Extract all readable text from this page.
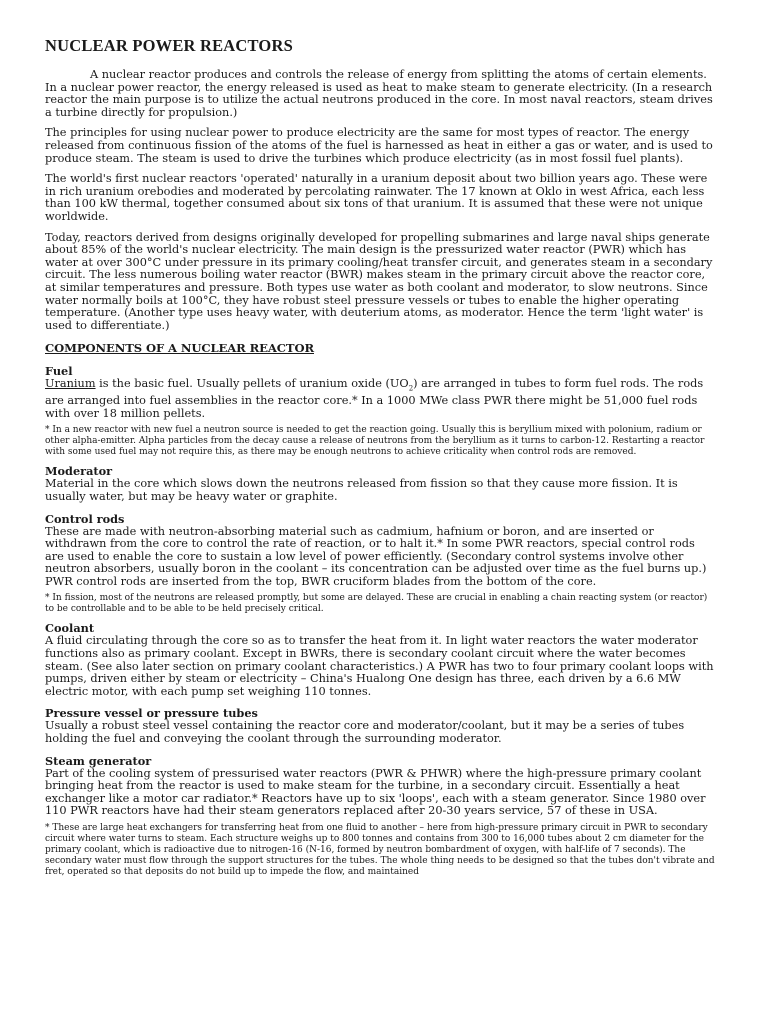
NUCLEAR POWER REACTORS

A nuclear reactor produces and controls the release of energy from splitting the atoms of certain elements. In a nuclear power reactor, the energy released is used as heat to make steam to generate electricity. (In a research reactor the main purpose is to utilize the actual neutrons produced in the core. In most naval reactors, steam drives a turbine directly for propulsion.)

The principles for using nuclear power to produce electricity are the same for most types of reactor. The energy released from continuous fission of the atoms of the fuel is harnessed as heat in either a gas or water, and is used to produce steam. The steam is used to drive the turbines which produce electricity (as in most fossil fuel plants).

The world's first nuclear reactors 'operated' naturally in a uranium deposit about two billion years ago. These were in rich uranium orebodies and moderated by percolating rainwater. The 17 known at Oklo in west Africa, each less than 100 kW thermal, together consumed about six tons of that uranium. It is assumed that these were not unique worldwide.

Today, reactors derived from designs originally developed for propelling submarines and large naval ships generate about 85% of the world's nuclear electricity. The main design is the pressurized water reactor (PWR) which has water at over 300°C under pressure in its primary cooling/heat transfer circuit, and generates steam in a secondary circuit. The less numerous boiling water reactor (BWR) makes steam in the primary circuit above the reactor core, at similar temperatures and pressure. Both types use water as both coolant and moderator, to slow neutrons. Since water normally boils at 100°C, they have robust steel pressure vessels or tubes to enable the higher operating temperature. (Another type uses heavy water, with deuterium atoms, as moderator. Hence the term 'light water' is used to differentiate.)

COMPONENTS OF A NUCLEAR REACTOR
Fuel

Uranium is the basic fuel. Usually pellets of uranium oxide $(UO_2)$ are arranged in tubes to form fuel rods. The rods are arranged into fuel assemblies in the reactor core.* In a 1000 MWe class PWR there might be 51,000 fuel rods with over 18 million pellets.

* In a new reactor with new fuel a neutron source is needed to get the reaction going. Usually this is beryllium mixed with polonium, radium or other alpha-emitter. Alpha particles from the decay cause a release of neutrons from the beryllium as it turns to carbon-12. Restarting a reactor with some used fuel may not require this, as there may be enough neutrons to achieve criticality when control rods are removed.

Moderator

Material in the core which slows down the neutrons released from fission so that they cause more fission. It is usually water, but may be heavy water or graphite.

Control rods

These are made with neutron-absorbing material such as cadmium, hafnium or boron, and are inserted or withdrawn from the core to control the rate of reaction, or to halt it.* In some PWR reactors, special control rods are used to enable the core to sustain a low level of power efficiently. (Secondary control systems involve other neutron absorbers, usually boron in the coolant – its concentration can be adjusted over time as the fuel burns up.) PWR control rods are inserted from the top, BWR cruciform blades from the bottom of the core.

* In fission, most of the neutrons are released promptly, but some are delayed. These are crucial in enabling a chain reacting system (or reactor) to be controllable and to be able to be held precisely critical.

Coolant

A fluid circulating through the core so as to transfer the heat from it. In light water reactors the water moderator functions also as primary coolant. Except in BWRs, there is secondary coolant circuit where the water becomes steam. (See also later section on primary coolant characteristics.) A PWR has two to four primary coolant loops with pumps, driven either by steam or electricity – China's Hualong One design has three, each driven by a 6.6 MW electric motor, with each pump set weighing 110 tonnes.

Pressure vessel or pressure tubes

Usually a robust steel vessel containing the reactor core and moderator/coolant, but it may be a series of tubes holding the fuel and conveying the coolant through the surrounding moderator.

Steam generator

Part of the cooling system of pressurised water reactors (PWR & PHWR) where the high-pressure primary coolant bringing heat from the reactor is used to make steam for the turbine, in a secondary circuit. Essentially a heat exchanger like a motor car radiator.* Reactors have up to six 'loops', each with a steam generator. Since 1980 over 110 PWR reactors have had their steam generators replaced after 20-30 years service, 57 of these in USA.

* These are large heat exchangers for transferring heat from one fluid to another – here from high-pressure primary circuit in PWR to secondary circuit where water turns to steam. Each structure weighs up to 800 tonnes and contains from 300 to 16,000 tubes about 2 cm diameter for the primary coolant, which is radioactive due to nitrogen-16 (N-16, formed by neutron bombardment of oxygen, with half-life of 7 seconds). The secondary water must flow through the support structures for the tubes. The whole thing needs to be designed so that the tubes don't vibrate and fret, operated so that deposits do not build up to impede the flow, and maintained
